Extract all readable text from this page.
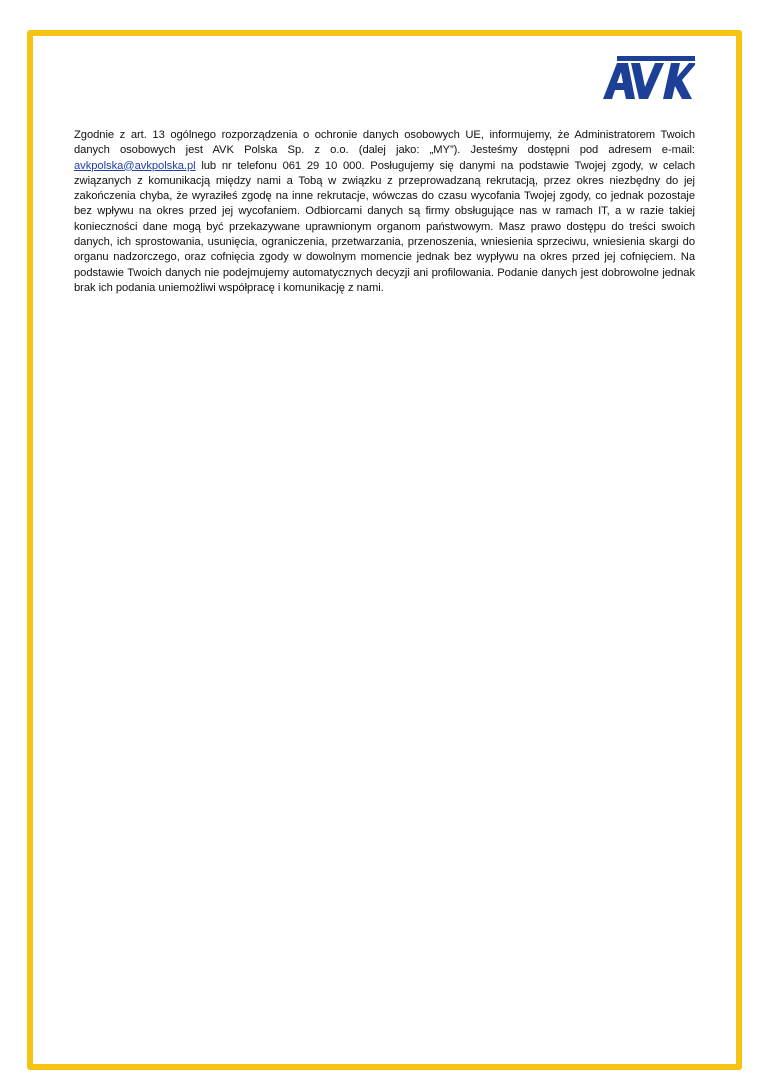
Zgodnie z art. 13 ogólnego rozporządzenia o ochronie danych osobowych UE, informujemy, że Administratorem Twoich danych osobowych jest AVK Polska Sp. z o.o. (dalej jako: „MY”). Jesteśmy dostępni pod adresem e-mail: avkpolska@avkpolska.pl lub nr telefonu 061 29 10 000. Posługujemy się danymi na podstawie Twojej zgody, w celach związanych z komunikacją między nami a Tobą w związku z przeprowadzaną rekrutacją, przez okres niezbędny do jej zakończenia chyba, że wyraziłeś zgodę na inne rekrutacje, wówczas do czasu wycofania Twojej zgody, co jednak pozostaje bez wpływu na okres przed jej wycofaniem. Odbiorcami danych są firmy obsługujące nas w ramach IT, a w razie takiej konieczności dane mogą być przekazywane uprawnionym organom państwowym. Masz prawo dostępu do treści swoich danych, ich sprostowania, usunięcia, ograniczenia, przetwarzania, przenoszenia, wniesienia sprzeciwu, wniesienia skargi do organu nadzorczego, oraz cofnięcia zgody w dowolnym momencie jednak bez wypływu na okres przed jej cofnięciem. Na podstawie Twoich danych nie podejmujemy automatycznych decyzji ani profilowania. Podanie danych jest dobrowolne jednak brak ich podania uniemożliwi współpracę i komunikację z nami.
